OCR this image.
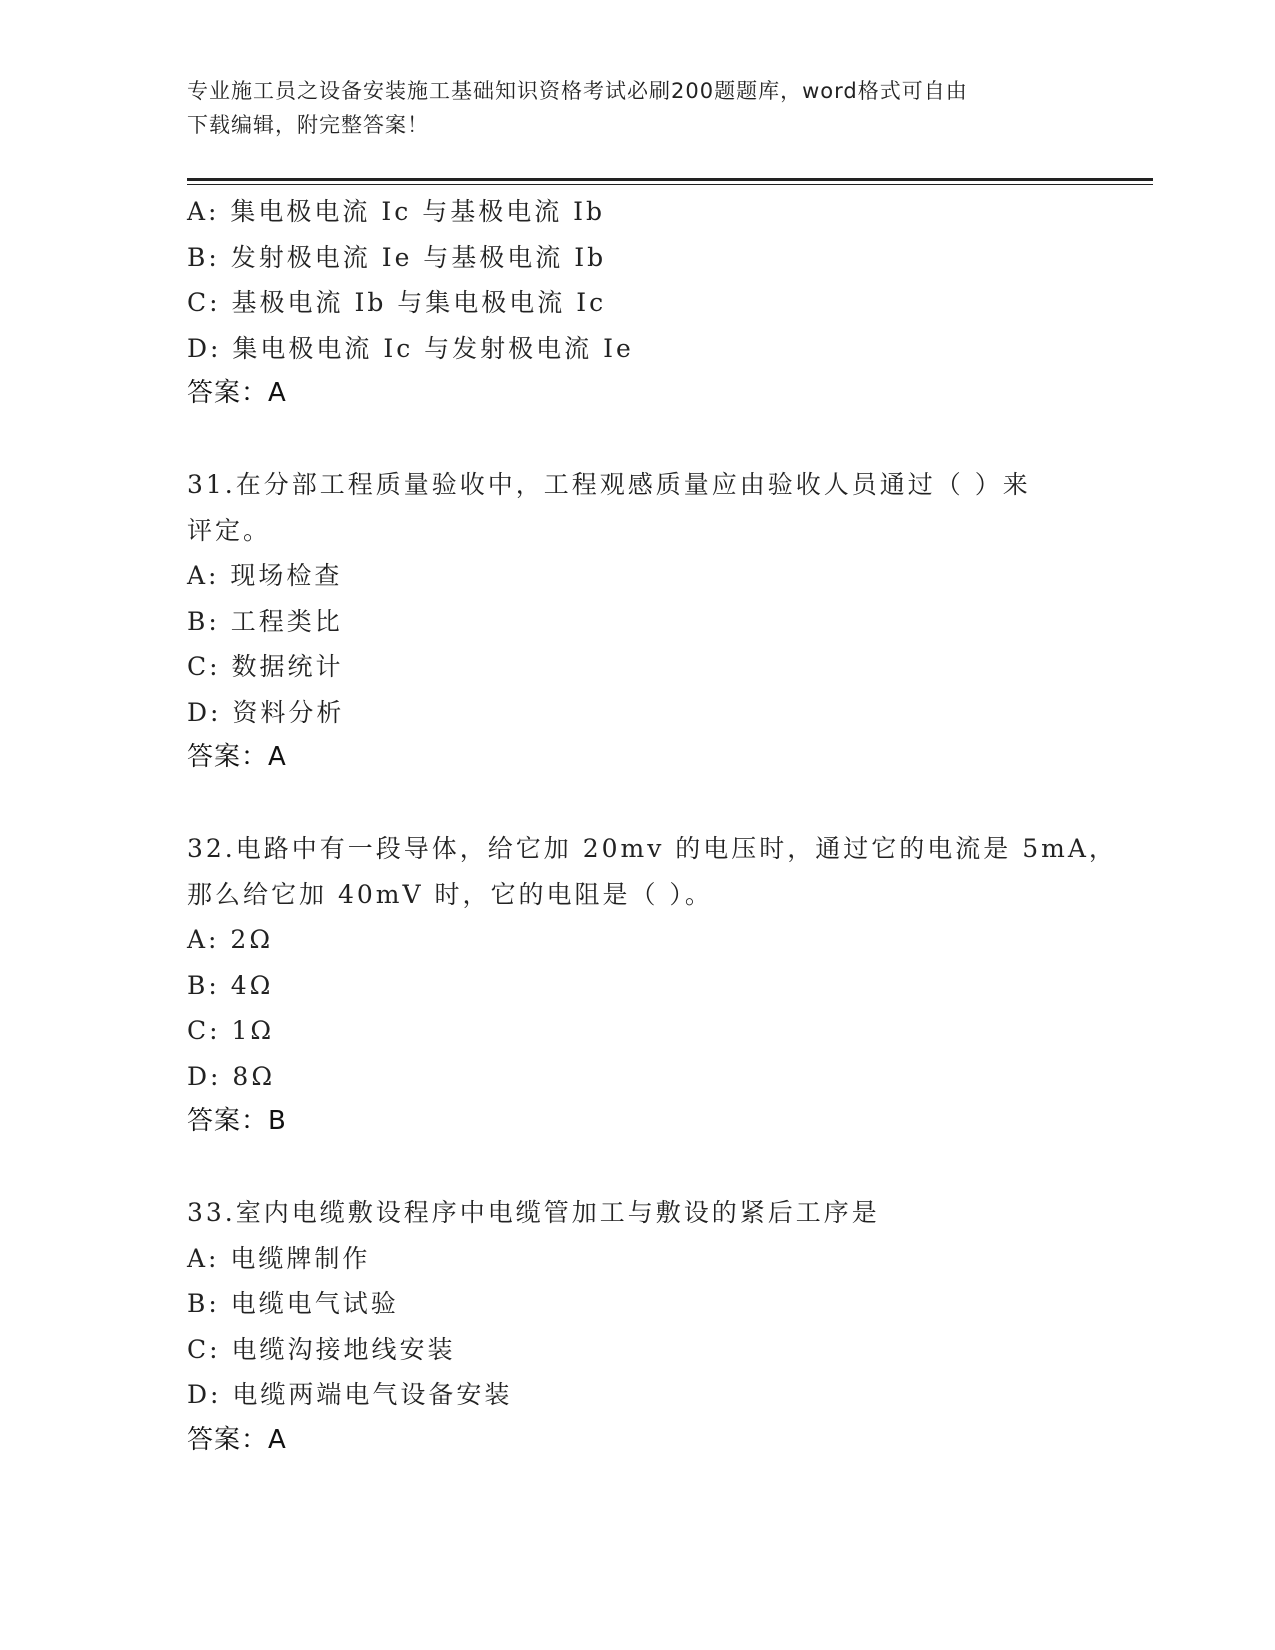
专业施工员之设备安装施工基础知识资格考试必刷200题题库，word格式可自由
下载编辑，附完整答案！
A: 集电极电流 Ic 与基极电流 Ib
B: 发射极电流 Ie 与基极电流 Ib
C: 基极电流 Ib 与集电极电流 Ic
D: 集电极电流 Ic 与发射极电流 Ie
答案：A
31.在分部工程质量验收中，工程观感质量应由验收人员通过（ ）来
评定。
A: 现场检查
B: 工程类比
C: 数据统计
D: 资料分析
答案：A
32.电路中有一段导体，给它加 20mv 的电压时，通过它的电流是 5mA，
那么给它加 40mV 时，它的电阻是（ ）。
A: 2Ω
B: 4Ω
C: 1Ω
D: 8Ω
答案：B
33.室内电缆敷设程序中电缆管加工与敷设的紧后工序是
A: 电缆牌制作
B: 电缆电气试验
C: 电缆沟接地线安装
D: 电缆两端电气设备安装
答案：A
